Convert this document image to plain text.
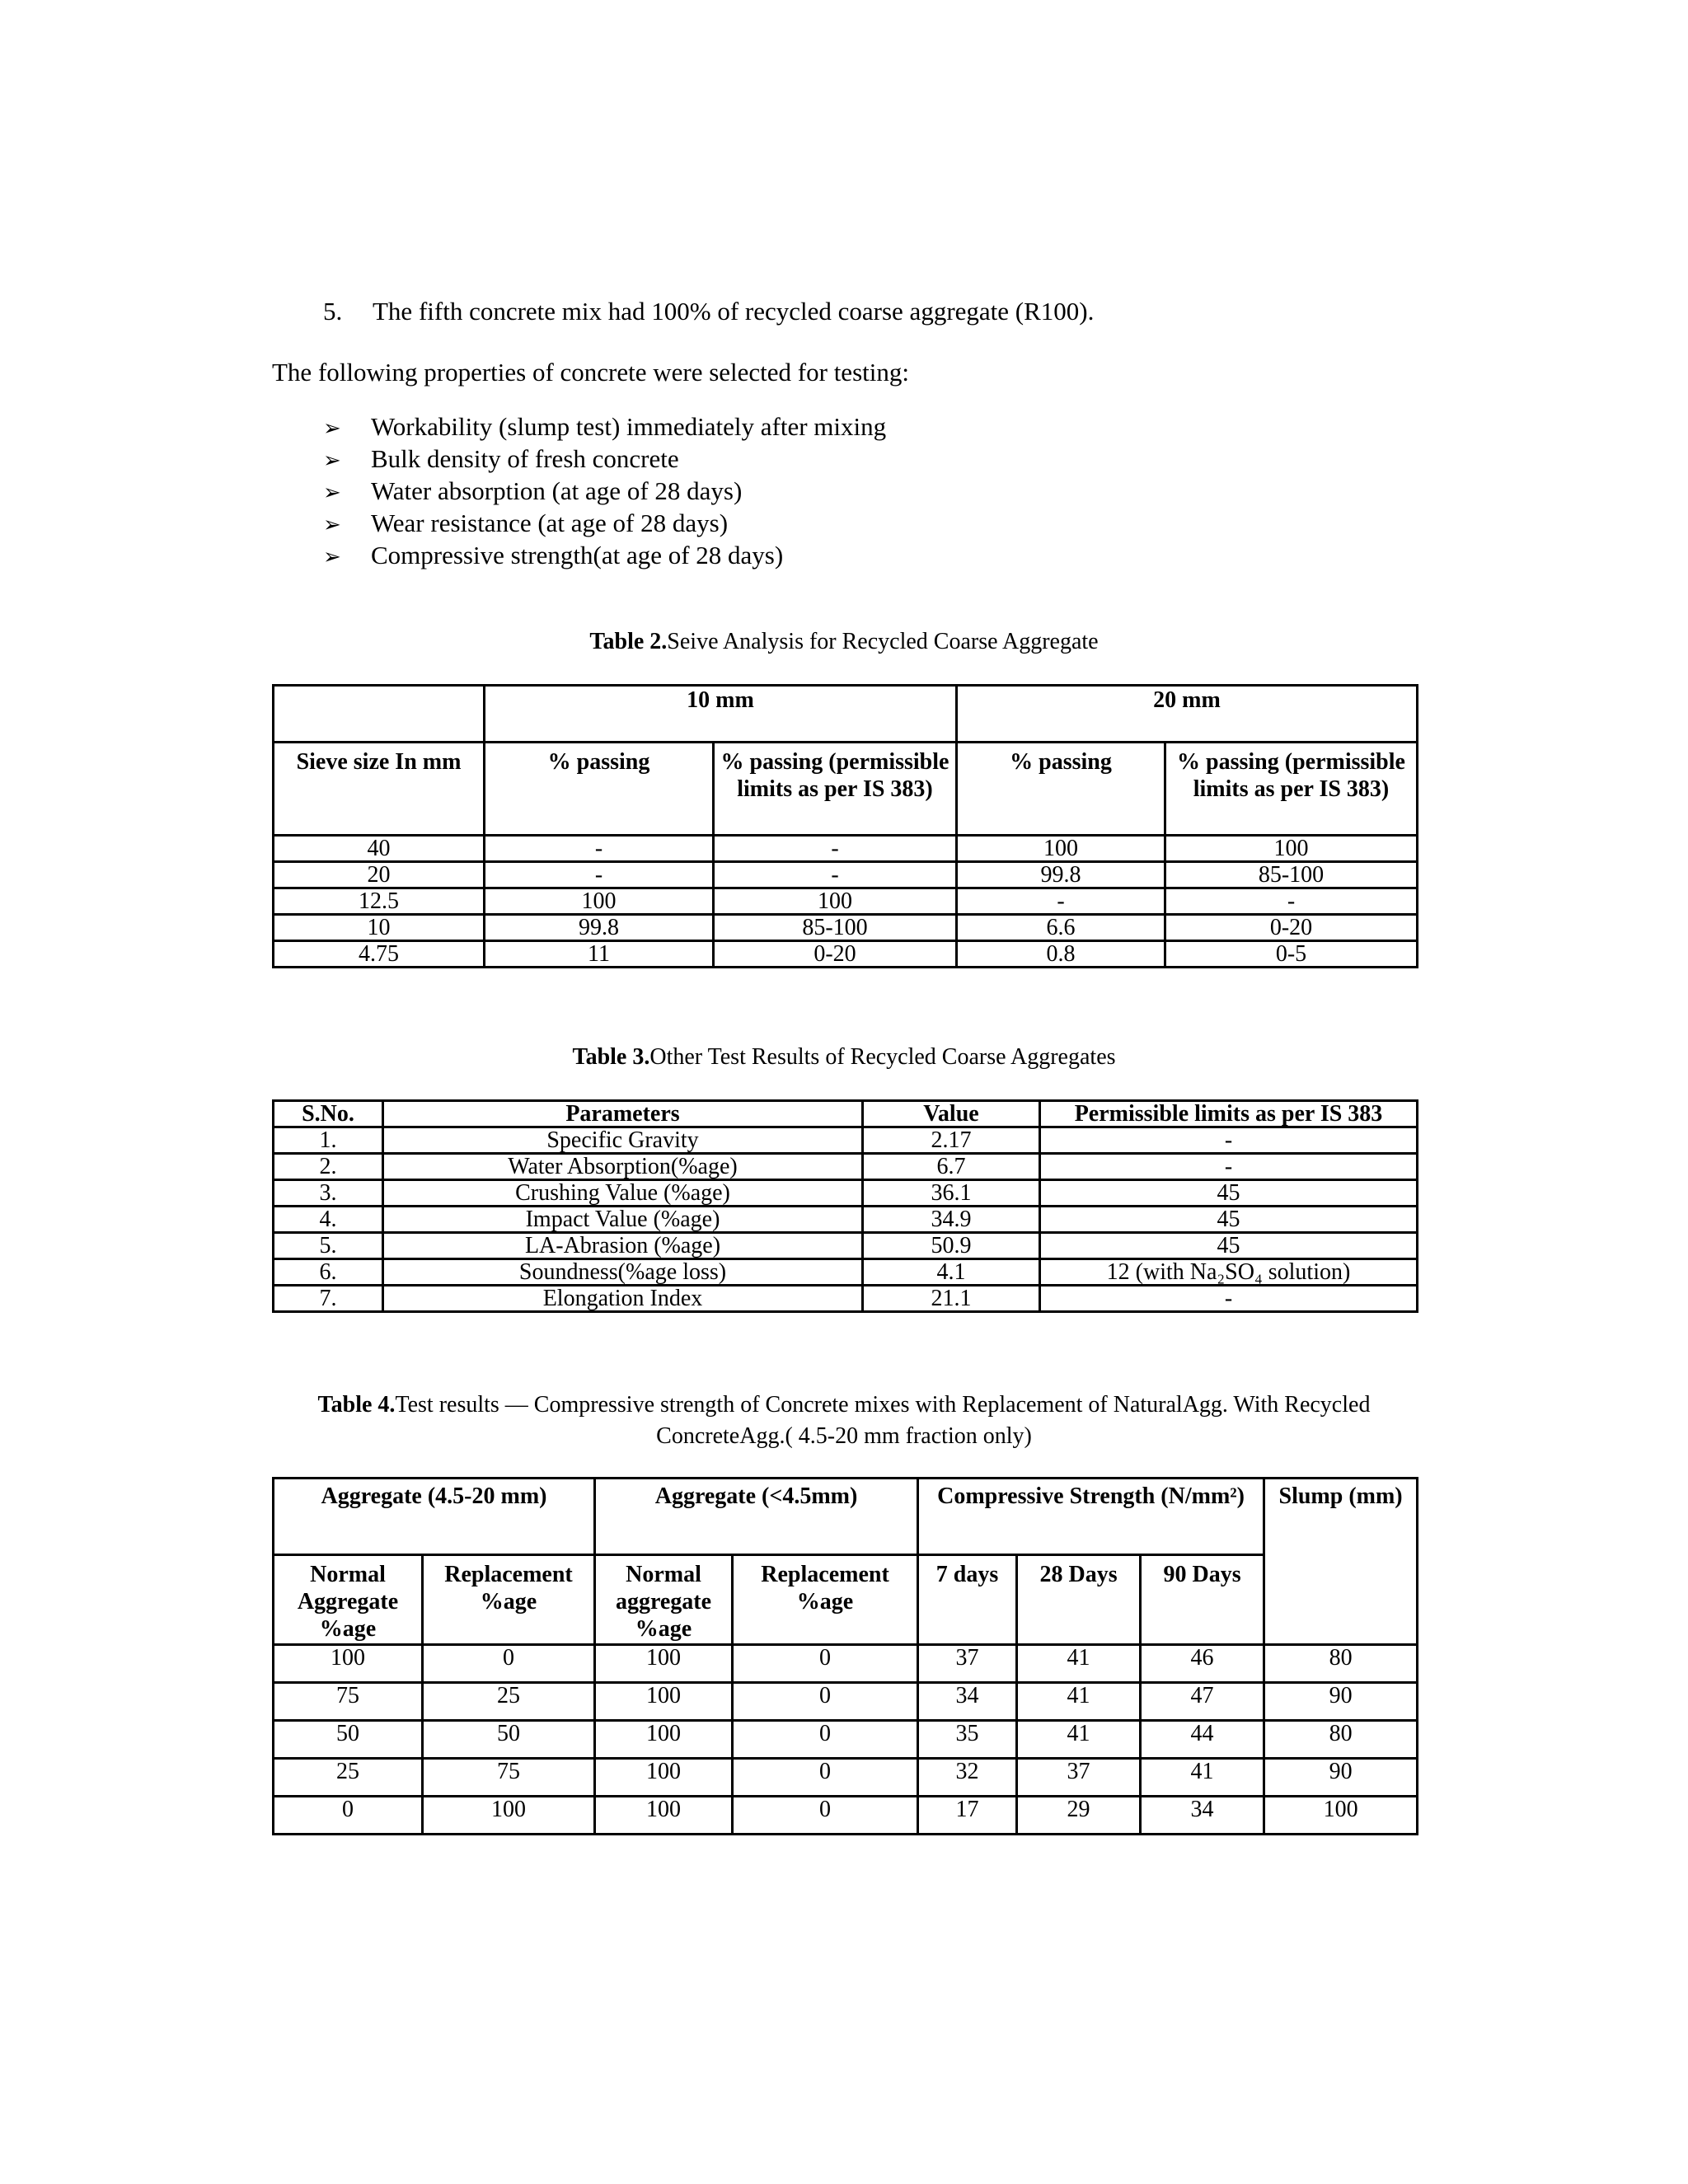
5. The fifth concrete mix had 100% of recycled coarse aggregate (R100).
The following properties of concrete were selected for testing:
➢ Workability (slump test) immediately after mixing
➢ Bulk density of fresh concrete
➢ Water absorption (at age of 28 days)
➢ Wear resistance (at age of 28 days)
➢ Compressive strength(at age of 28 days)
Table 2.Seive Analysis for Recycled Coarse Aggregate
	10 mm		20 mm	
Sieve size In mm	% passing	% passing (permissible limits as per IS 383)	% passing	% passing (permissible limits as per IS 383)
40	-	-	100	100
20	-	-	99.8	85-100
12.5	100	100	-	-
10	99.8	85-100	6.6	0-20
4.75	11	0-20	0.8	0-5
Table 3.Other Test Results of Recycled Coarse Aggregates
S.No.	Parameters	Value	Permissible limits as per IS 383
1.	Specific Gravity	2.17	-
2.	Water Absorption(%age)	6.7	-
3.	Crushing Value (%age)	36.1	45
4.	Impact Value (%age)	34.9	45
5.	LA-Abrasion (%age)	50.9	45
6.	Soundness(%age loss)	4.1	12 (with Na₂SO₄ solution)
7.	Elongation Index	21.1	-
Table 4.Test results — Compressive strength of Concrete mixes with Replacement of NaturalAgg. With Recycled ConcreteAgg.( 4.5-20 mm fraction only)
Aggregate (4.5-20 mm)		Aggregate (<4.5mm)		Compressive Strength (N/mm²)			Slump (mm)
Normal Aggregate %age	Replacement %age	Normal aggregate %age	Replacement %age	7 days	28 Days	90 Days	
100	0	100	0	37	41	46	80
75	25	100	0	34	41	47	90
50	50	100	0	35	41	44	80
25	75	100	0	32	37	41	90
0	100	100	0	17	29	34	100
